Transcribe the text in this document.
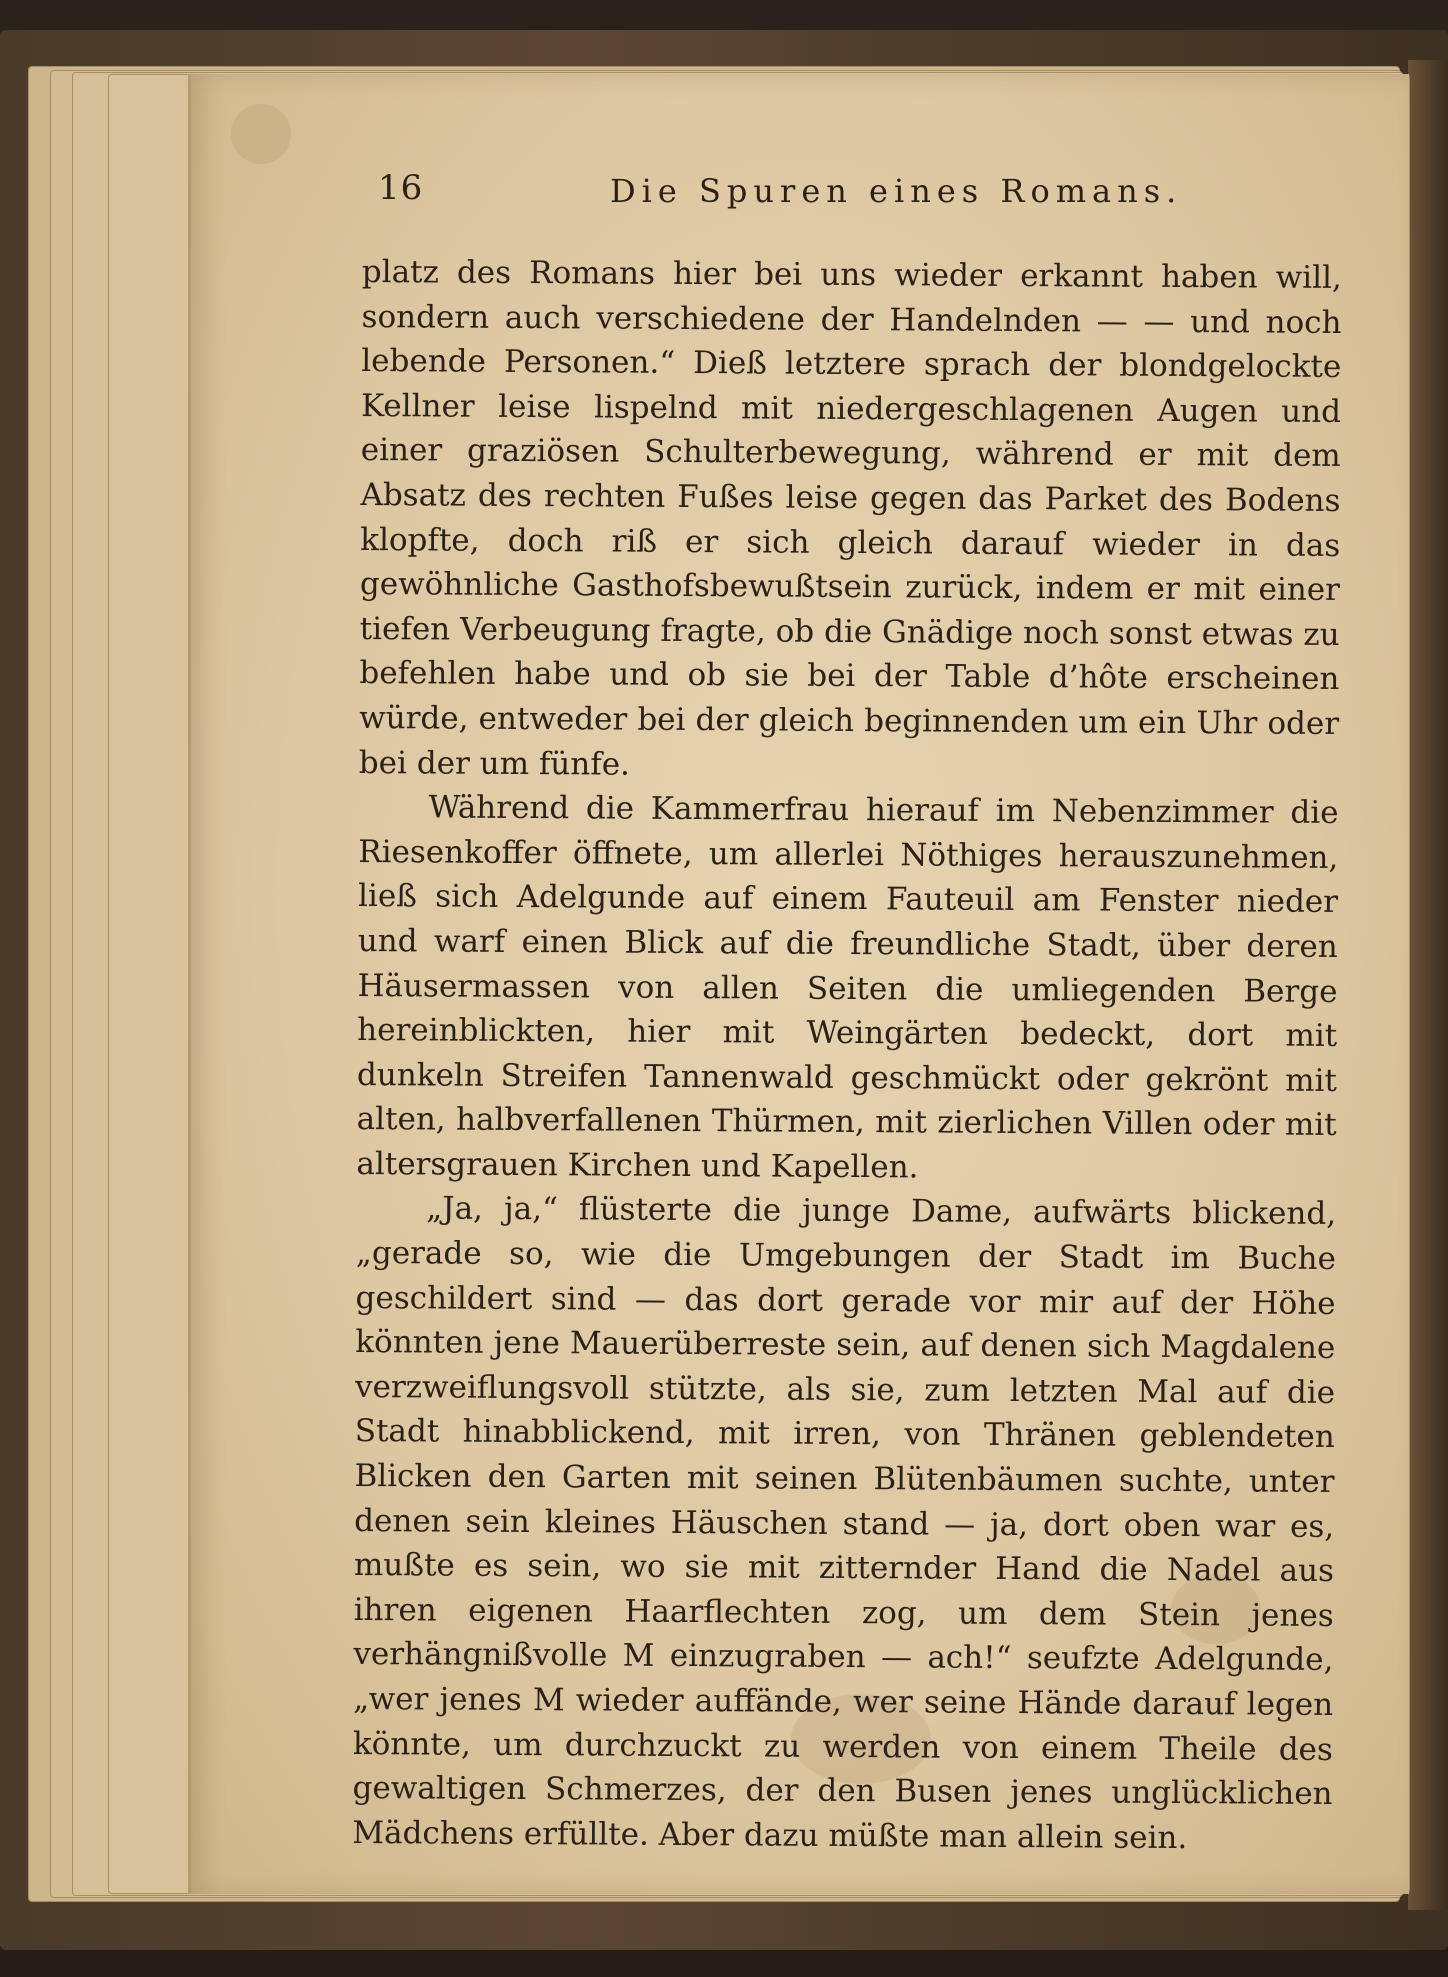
16	Die Spuren eines Romans.

platz des Romans hier bei uns wieder erkannt haben will, sondern auch verschiedene der Handelnden — — und noch lebende Personen.“ Dieß letztere sprach der blondgelockte Kellner leise lispelnd mit niedergeschlagenen Augen und einer graziösen Schulterbewegung, während er mit dem Absatz des rechten Fußes leise gegen das Parket des Bodens klopfte, doch riß er sich gleich darauf wieder in das gewöhnliche Gasthofsbewußtsein zurück, indem er mit einer tiefen Verbeugung fragte, ob die Gnädige noch sonst etwas zu befehlen habe und ob sie bei der Table d’hôte erscheinen würde, entweder bei der gleich beginnenden um ein Uhr oder bei der um fünfe.

Während die Kammerfrau hierauf im Nebenzimmer die Riesenkoffer öffnete, um allerlei Nöthiges herauszunehmen, ließ sich Adelgunde auf einem Fauteuil am Fenster nieder und warf einen Blick auf die freundliche Stadt, über deren Häusermassen von allen Seiten die umliegenden Berge hereinblickten, hier mit Weingärten bedeckt, dort mit dunkeln Streifen Tannenwald geschmückt oder gekrönt mit alten, halbverfallenen Thürmen, mit zierlichen Villen oder mit altersgrauen Kirchen und Kapellen.

„Ja, ja,“ flüsterte die junge Dame, aufwärts blickend, „gerade so, wie die Umgebungen der Stadt im Buche geschildert sind — das dort gerade vor mir auf der Höhe könnten jene Mauerüberreste sein, auf denen sich Magdalene verzweiflungsvoll stützte, als sie, zum letzten Mal auf die Stadt hinabblickend, mit irren, von Thränen geblendeten Blicken den Garten mit seinen Blütenbäumen suchte, unter denen sein kleines Häuschen stand — ja, dort oben war es, mußte es sein, wo sie mit zitternder Hand die Nadel aus ihren eigenen Haarflechten zog, um dem Stein jenes verhängnißvolle M einzugraben — ach!“ seufzte Adelgunde, „wer jenes M wieder auffände, wer seine Hände darauf legen könnte, um durchzuckt zu werden von einem Theile des gewaltigen Schmerzes, der den Busen jenes unglücklichen Mädchens erfüllte. Aber dazu müßte man allein sein.
